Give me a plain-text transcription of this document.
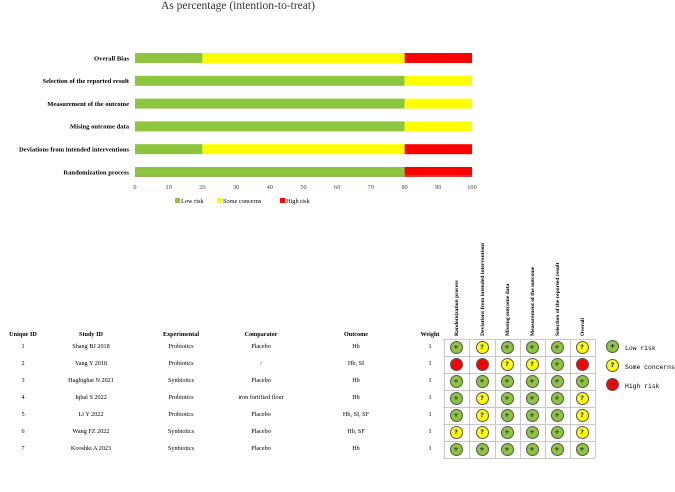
As percentage (intention-to-treat)
Overall Bias
Selection of the reported result
Measurement of the outcome
Mising outcome data
Deviations from intended interventions
Randomization process
0	10	20	30	40	50	60	70	80	90	100
Low risk	Some concerns	High risk
Unique ID	Study ID	Experimental	Comparator	Outcome	Weight	Randomization process	Deviations from intended interventions	Missing outcome data	Measurement of the outcome	Selection of the reported result	Overall
1	Shang BJ 2018	Probiotics	Placebo	Hb	1	+	?	+	+	+	?
2	Yang Y 2018	Probiotics	/	Hb, SI	1	-	-	?	?	+	-
3	Haghighat N 2021	Synbiotics	Placebo	Hb	1	+	+	+	+	+	+
4	Iqbal S 2022	Probiotics	iron fortified flour	Hb	1	+	?	+	+	+	?
5	Li Y 2022	Probiotics	Placebo	Hb, SI, SF	1	+	?	+	+	+	?
6	Wang FZ 2022	Synbiotics	Placebo	Hb, SF	1	?	?	+	+	+	?
7	Kooshki A 2023	Synbiotics	Placebo	Hb	1	+	+	+	+	+	+
+	Low risk
?	Some concerns
-	High risk
